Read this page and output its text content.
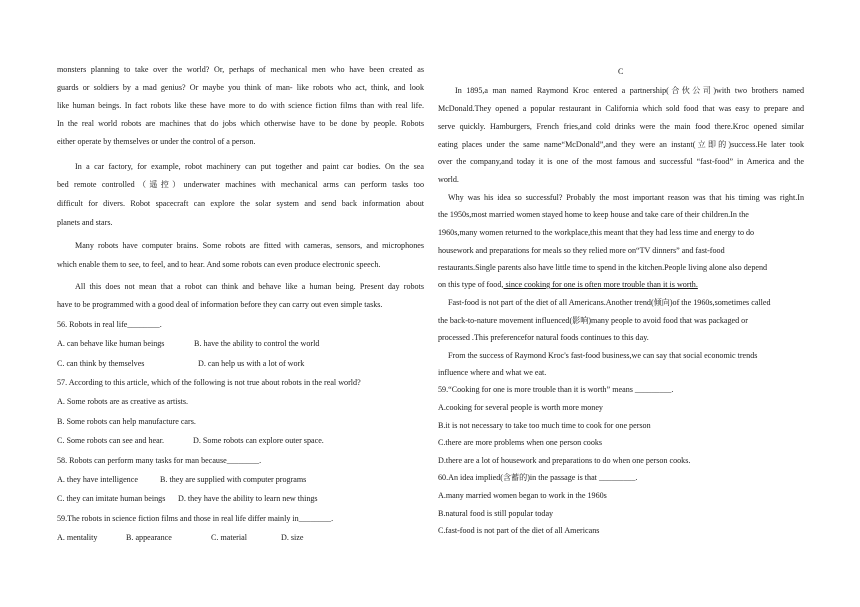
monsters planning to take over the world? Or, perhaps of mechanical men who have been created as
guards or soldiers by a mad genius? Or maybe you think of man- like robots who act, think, and look
like human beings. In fact robots like these have more to do with science fiction films than with real life.
In the real world robots are machines that do jobs which otherwise have to be done by people. Robots
either operate by themselves or under the control of a person.
In a car factory, for example, robot machinery can put together and paint car bodies. On the sea
bed remote controlled（遥控）underwater machines with mechanical arms can perform tasks too
difficult for divers. Robot spacecraft can explore the solar system and send back information about
planets and stars.
Many robots have computer brains. Some robots are fitted with cameras, sensors, and microphones
which enable them to see, to feel, and to hear. And some robots can even produce electronic speech.
All this does not mean that a robot can think and behave like a human being. Present day robots
have to be programmed with a good deal of information before they can carry out even simple tasks.
56. Robots in real life________.
A. can behave like human beings	B. have the ability to control the world
C. can think by themselves	D. can help us with a lot of work
57. According to this article, which of the following is not true about robots in the real world?
A. Some robots are as creative as artists.
B. Some robots can help manufacture cars.
C. Some robots can see and hear.	D. Some robots can explore outer space.
58. Robots can perform many tasks for man because________.
A. they have intelligence	B. they are supplied with computer programs
C. they can imitate human beings D. they have the ability to learn new things
59.The robots in science fiction films and those in real life differ mainly in________.
A. mentality	B. appearance	C. material	D. size
C
In 1895,a man named Raymond Kroc entered a partnership(合伙公司)with two brothers named
McDonald.They opened a popular restaurant in California which sold food that was easy to prepare and
serve quickly. Hamburgers, French fries,and cold drinks were the main food there.Kroc opened similar
eating places under the same name“McDonald”,and they were an instant(立即的)success.He later took
over the company,and today it is one of the most famous and successful “fast-food” in America and the
world.
Why was his idea so successful? Probably the most important reason was that his timing was right.In
the 1950s,most married women stayed home to keep house and take care of their children.In the
1960s,many women returned to the workplace,this meant that they had less time and energy to do
housework and preparations for meals so they relied more on“TV dinners” and fast-food
restaurants.Single parents also have little time to spend in the kitchen.People living alone also depend
on this type of food, since cooking for one is often more trouble than it is worth.
Fast-food is not part of the diet of all Americans.Another trend(倾向)of the 1960s,sometimes called
the back-to-nature movement influenced(影响)many people to avoid food that was packaged or
processed .This preferencefor natural foods continues to this day.
From the success of Raymond Kroc's fast-food business,we can say that social economic trends
influence where and what we eat.
59.“Cooking for one is more trouble than it is worth” means _________.
A.cooking for several people is worth more money
B.it is not necessary to take too much time to cook for one person
C.there are more problems when one person cooks
D.there are a lot of housework and preparations to do when one person cooks.
60.An idea implied(含蓄的)in the passage is that _________.
A.many married women began to work in the 1960s
B.natural food is still popular today
C.fast-food is not part of the diet of all Americans
